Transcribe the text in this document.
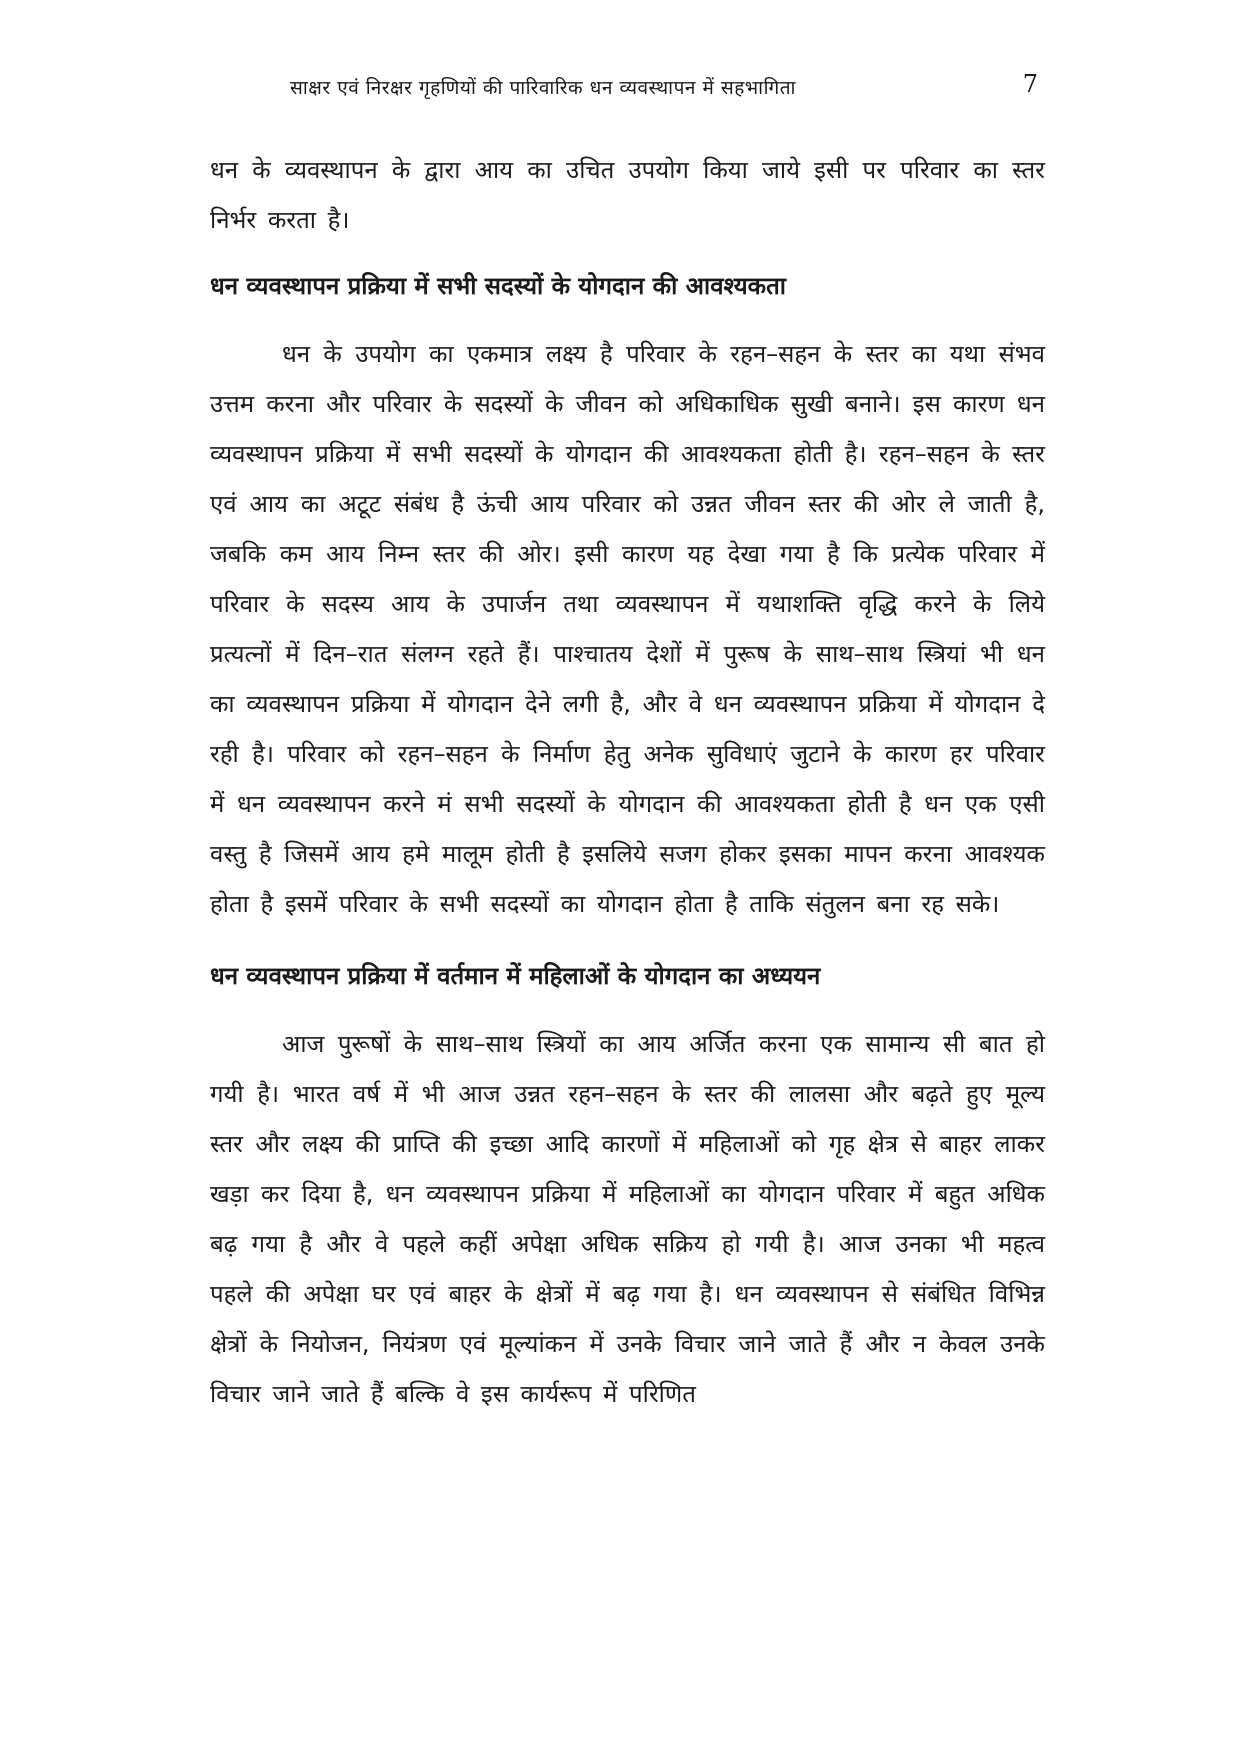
साक्षर एवं निरक्षर गृहणियों की पारिवारिक धन व्यवस्थापन में सहभागिता	7

धन के व्यवस्थापन के द्वारा आय का उचित उपयोग किया जाये इसी पर परिवार का स्तर निर्भर करता है।

धन व्यवस्थापन प्रक्रिया में सभी सदस्यों के योगदान की आवश्यकता

धन के उपयोग का एकमात्र लक्ष्य है परिवार के रहन–सहन के स्तर का यथा संभव उत्तम करना और परिवार के सदस्यों के जीवन को अधिकाधिक सुखी बनाने। इस कारण धन व्यवस्थापन प्रक्रिया में सभी सदस्यों के योगदान की आवश्यकता होती है। रहन–सहन के स्तर एवं आय का अटूट संबंध है ऊंची आय परिवार को उन्नत जीवन स्तर की ओर ले जाती है, जबकि कम आय निम्न स्तर की ओर। इसी कारण यह देखा गया है कि प्रत्येक परिवार में परिवार के सदस्य आय के उपार्जन तथा व्यवस्थापन में यथाशक्ति वृद्धि करने के लिये प्रत्यत्नों में दिन–रात संलग्न रहते हैं। पाश्चातय देशों में पुरूष के साथ–साथ स्त्रियां भी धन का व्यवस्थापन प्रक्रिया में योगदान देने लगी है, और वे धन व्यवस्थापन प्रक्रिया में योगदान दे रही है। परिवार को रहन–सहन के निर्माण हेतु अनेक सुविधाएं जुटाने के कारण हर परिवार में धन व्यवस्थापन करने मं सभी सदस्यों के योगदान की आवश्यकता होती है धन एक एसी वस्तु है जिसमें आय हमे मालूम होती है इसलिये सजग होकर इसका मापन करना आवश्यक होता है इसमें परिवार के सभी सदस्यों का योगदान होता है ताकि संतुलन बना रह सके।

धन व्यवस्थापन प्रक्रिया में वर्तमान में महिलाओं के योगदान का अध्ययन

आज पुरूषों के साथ–साथ स्त्रियों का आय अर्जित करना एक सामान्य सी बात हो गयी है। भारत वर्ष में भी आज उन्नत रहन–सहन के स्तर की लालसा और बढ़ते हुए मूल्य स्तर और लक्ष्य की प्राप्ति की इच्छा आदि कारणों में महिलाओं को गृह क्षेत्र से बाहर लाकर खड़ा कर दिया है, धन व्यवस्थापन प्रक्रिया में महिलाओं का योगदान परिवार में बहुत अधिक बढ़ गया है और वे पहले कहीं अपेक्षा अधिक सक्रिय हो गयी है। आज उनका भी महत्व पहले की अपेक्षा घर एवं बाहर के क्षेत्रों में बढ़ गया है। धन व्यवस्थापन से संबंधित विभिन्न क्षेत्रों के नियोजन, नियंत्रण एवं मूल्यांकन में उनके विचार जाने जाते हैं और न केवल उनके विचार जाने जाते हैं बल्कि वे इस कार्यरूप में परिणित
